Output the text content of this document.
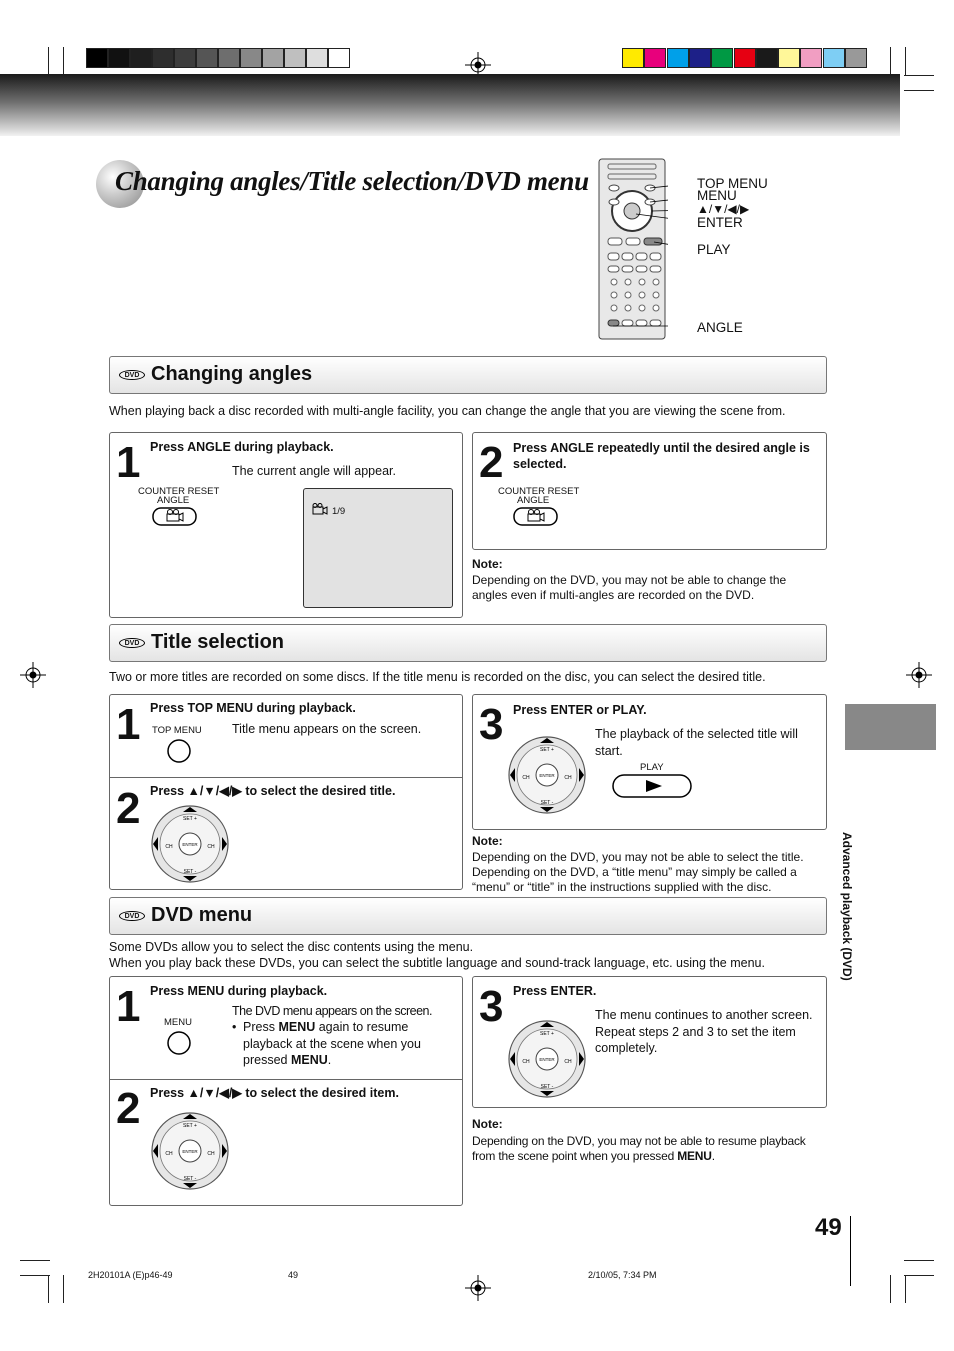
Changing angles/Title selection/DVD menu	TOP MENU
MENU
▲/▼/◀/▶
ENTER
PLAY
ANGLE
DVD Changing angles
When playing back a disc recorded with multi-angle facility, you can change the angle that you are viewing the scene from.
1 Press ANGLE during playback.
The current angle will appear.
COUNTER RESET
ANGLE
1/9
2 Press ANGLE repeatedly until the desired angle is selected.
COUNTER RESET
ANGLE
Note:
Depending on the DVD, you may not be able to change the angles even if multi-angles are recorded on the DVD.
DVD Title selection
Two or more titles are recorded on some discs. If the title menu is recorded on the disc, you can select the desired title.
1 Press TOP MENU during playback.
Title menu appears on the screen.
TOP MENU
2 Press ▲/▼/◀/▶ to select the desired title.
SET +
SET -
CH	CH
ENTER
3 Press ENTER or PLAY.
The playback of the selected title will start.
SET +
SET -
CH	CH
ENTER
PLAY
Note:
Depending on the DVD, you may not be able to select the title. Depending on the DVD, a “title menu” may simply be called a “menu” or “title” in the instructions supplied with the disc.
DVD DVD menu
Some DVDs allow you to select the disc contents using the menu.
When you play back these DVDs, you can select the subtitle language and sound-track language, etc. using the menu.
1 Press MENU during playback.
The DVD menu appears on the screen.
• Press MENU again to resume playback at the scene when you pressed MENU.
MENU
2 Press ▲/▼/◀/▶ to select the desired item.
SET +
SET -
CH	CH
ENTER
3 Press ENTER.
The menu continues to another screen. Repeat steps 2 and 3 to set the item completely.
SET +
SET -
CH	CH
ENTER
Note:
Depending on the DVD, you may not be able to resume playback from the scene point when you pressed MENU.
Advanced playback (DVD)
49
2H20101A (E)p46-49	49	2/10/05, 7:34 PM
